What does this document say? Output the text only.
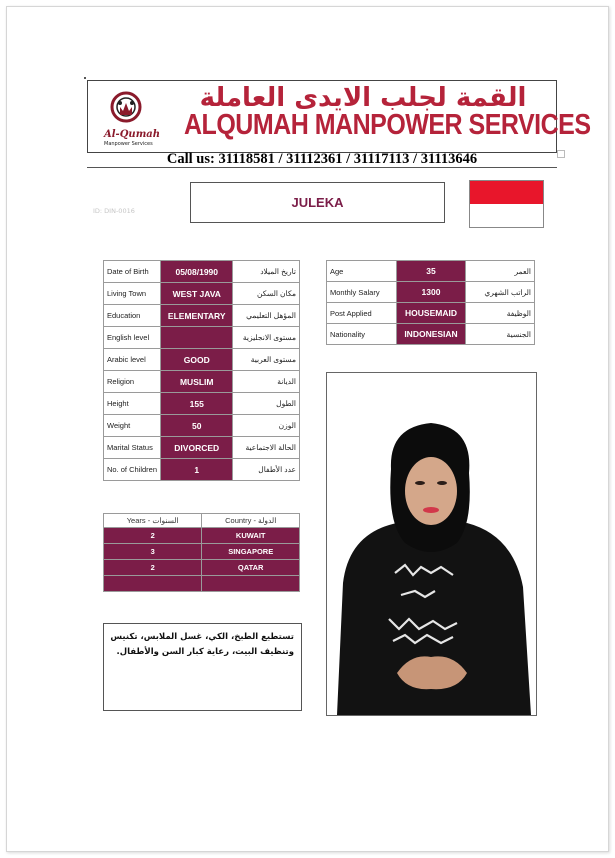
Al-Qumah
Manpower Services
القمة لجلب الايدى العاملة
ALQUMAH MANPOWER SERVICES
Call us: 31118581 / 31112361 / 31117113 / 31113646
ID: DIN-0016
JULEKA
Date of Birth	05/08/1990	تاريخ الميلاد
Living Town	WEST JAVA	مكان السكن
Education	ELEMENTARY	المؤهل التعليمي
English level		مستوى الانجليزية
Arabic level	GOOD	مستوى العربية
Religion	MUSLIM	الديانة
Height	155	الطول
Weight	50	الوزن
Marital Status	DIVORCED	الحالة الاجتماعية
No. of Children	1	عدد الأطفال
Age	35	العمر
Monthly Salary	1300	الراتب الشهري
Post Applied	HOUSEMAID	الوظيفة
Nationality	INDONESIAN	الجنسية
Years - السنوات	Country - الدولة
2	KUWAIT
3	SINGAPORE
2	QATAR

تستطيع الطبخ، الكي، غسل الملابس، تكنيس وتنظيف البيت، رعاية كبار السن والأطفال.
